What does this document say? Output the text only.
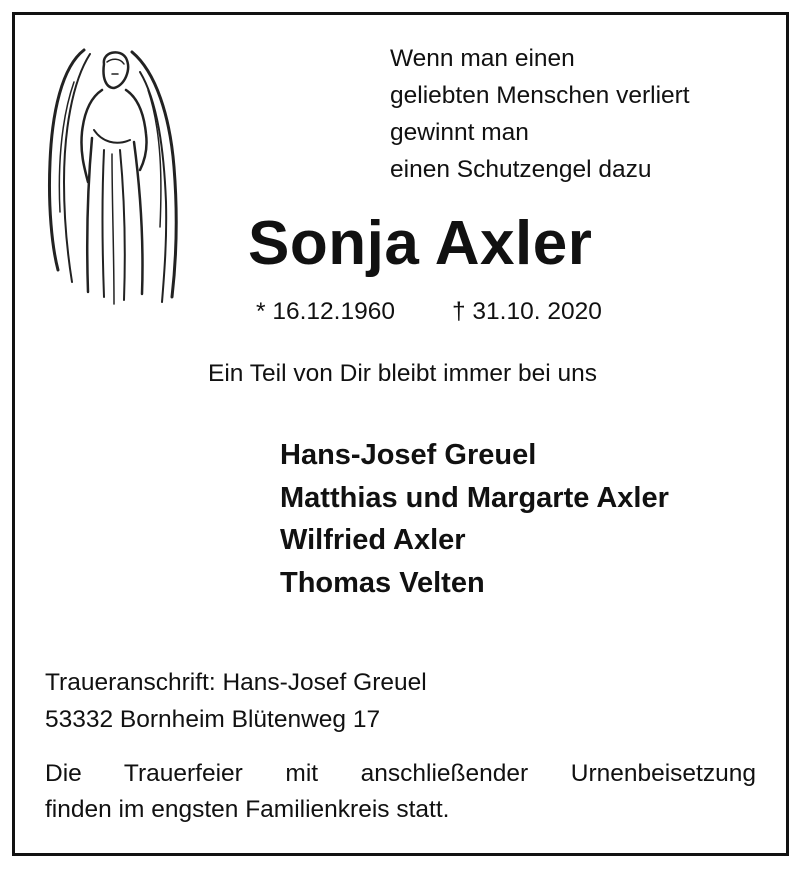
Wenn man einen
geliebten Menschen verliert
gewinnt man
einen Schutzengel dazu
Sonja Axler
* 16.12.1960 † 31.10. 2020
Ein Teil von Dir bleibt immer bei uns
Hans-Josef Greuel
Matthias und Margarte Axler
Wilfried Axler
Thomas Velten
Traueranschrift: Hans-Josef Greuel
53332 Bornheim Blütenweg 17
Die Trauerfeier mit anschließender Urnenbeisetzung
finden im engsten Familienkreis statt.
